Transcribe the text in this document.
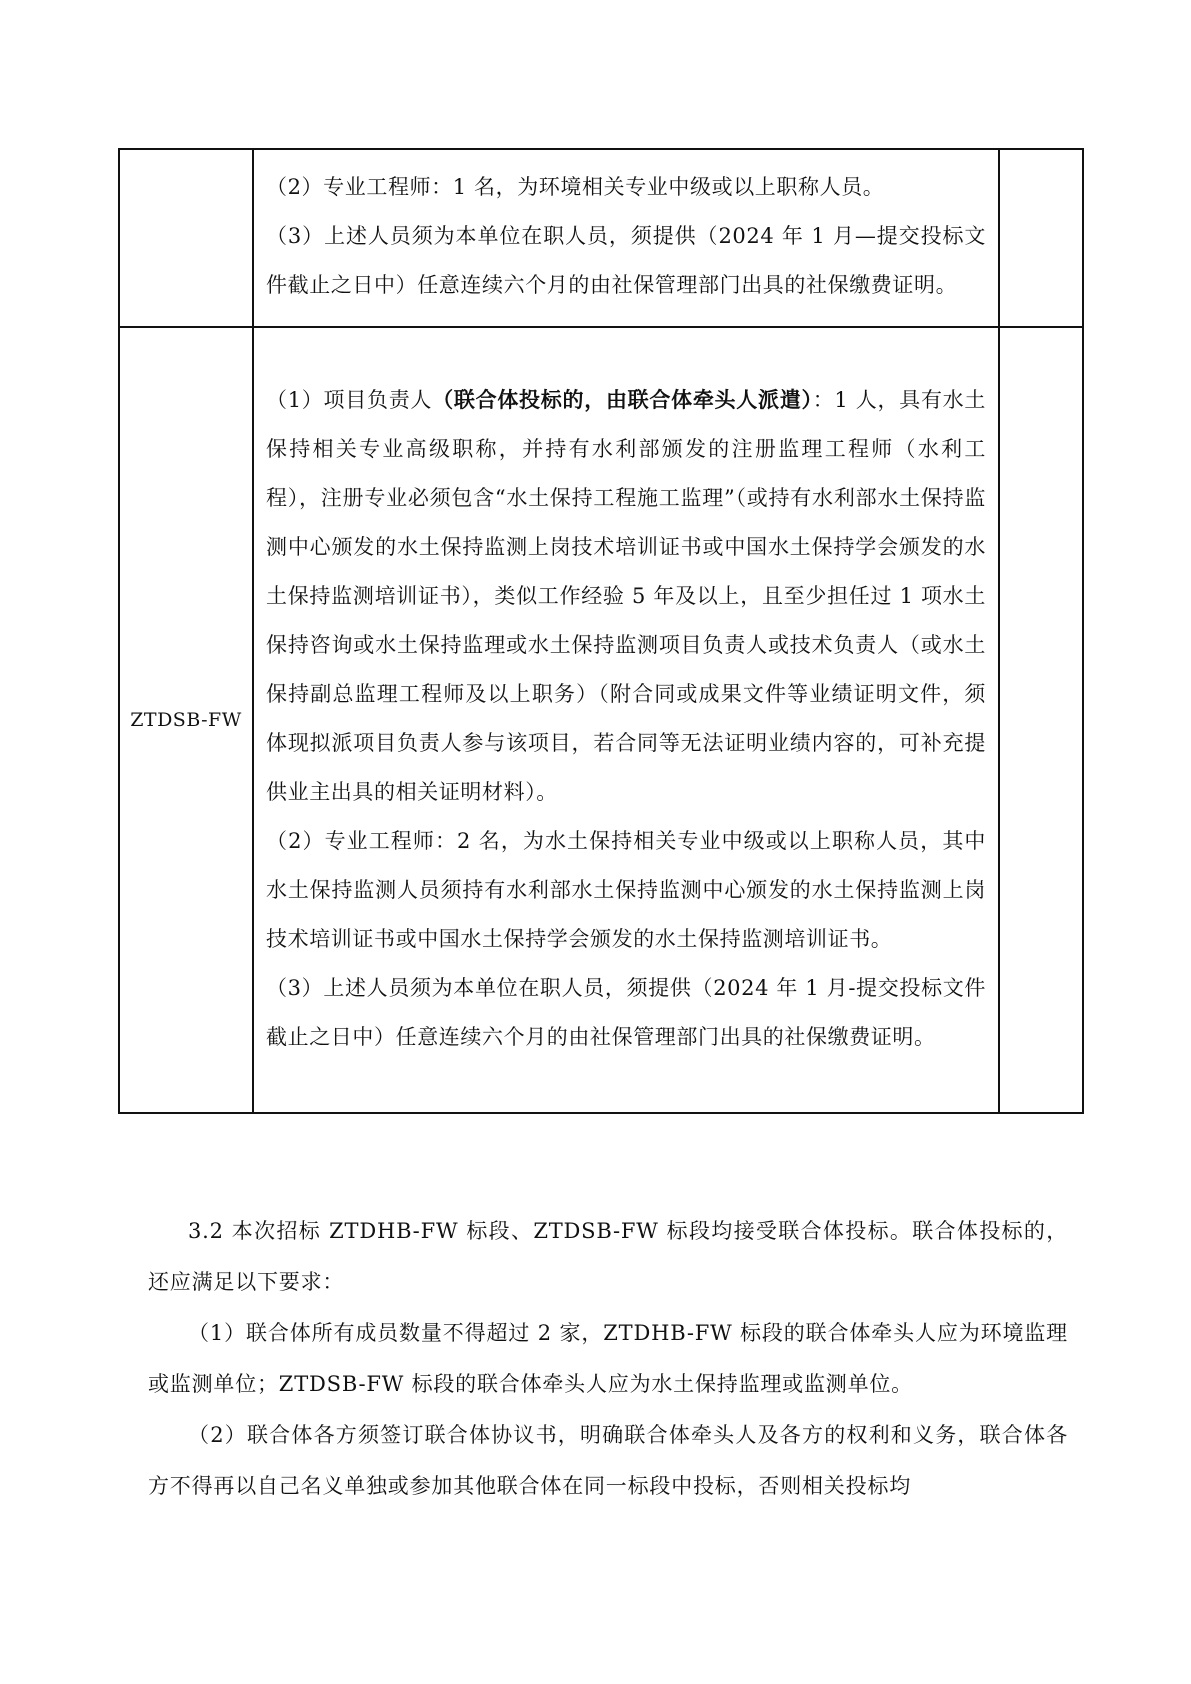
	（2）专业工程师：1 名，为环境相关专业中级或以上职称人员。

（3）上述人员须为本单位在职人员，须提供（2024 年 1 月—提交投标文件截止之日中）任意连续六个月的由社保管理部门出具的社保缴费证明。	

ZTDSB-FW	（1）项目负责人（联合体投标的，由联合体牵头人派遣）：1 人，具有水土保持相关专业高级职称，并持有水利部颁发的注册监理工程师（水利工程），注册专业必须包含“水土保持工程施工监理”（或持有水利部水土保持监测中心颁发的水土保持监测上岗技术培训证书或中国水土保持学会颁发的水土保持监测培训证书），类似工作经验 5 年及以上，且至少担任过 1 项水土保持咨询或水土保持监理或水土保持监测项目负责人或技术负责人（或水土保持副总监理工程师及以上职务）（附合同或成果文件等业绩证明文件，须体现拟派项目负责人参与该项目，若合同等无法证明业绩内容的，可补充提供业主出具的相关证明材料）。

（2）专业工程师：2 名，为水土保持相关专业中级或以上职称人员，其中水土保持监测人员须持有水利部水土保持监测中心颁发的水土保持监测上岗技术培训证书或中国水土保持学会颁发的水土保持监测培训证书。

（3）上述人员须为本单位在职人员，须提供（2024 年 1 月-提交投标文件截止之日中）任意连续六个月的由社保管理部门出具的社保缴费证明。	

3.2 本次招标 ZTDHB-FW 标段、ZTDSB-FW 标段均接受联合体投标。联合体投标的，还应满足以下要求：

（1）联合体所有成员数量不得超过 2 家，ZTDHB-FW 标段的联合体牵头人应为环境监理或监测单位；ZTDSB-FW 标段的联合体牵头人应为水土保持监理或监测单位。

（2）联合体各方须签订联合体协议书，明确联合体牵头人及各方的权利和义务，联合体各方不得再以自己名义单独或参加其他联合体在同一标段中投标，否则相关投标均
